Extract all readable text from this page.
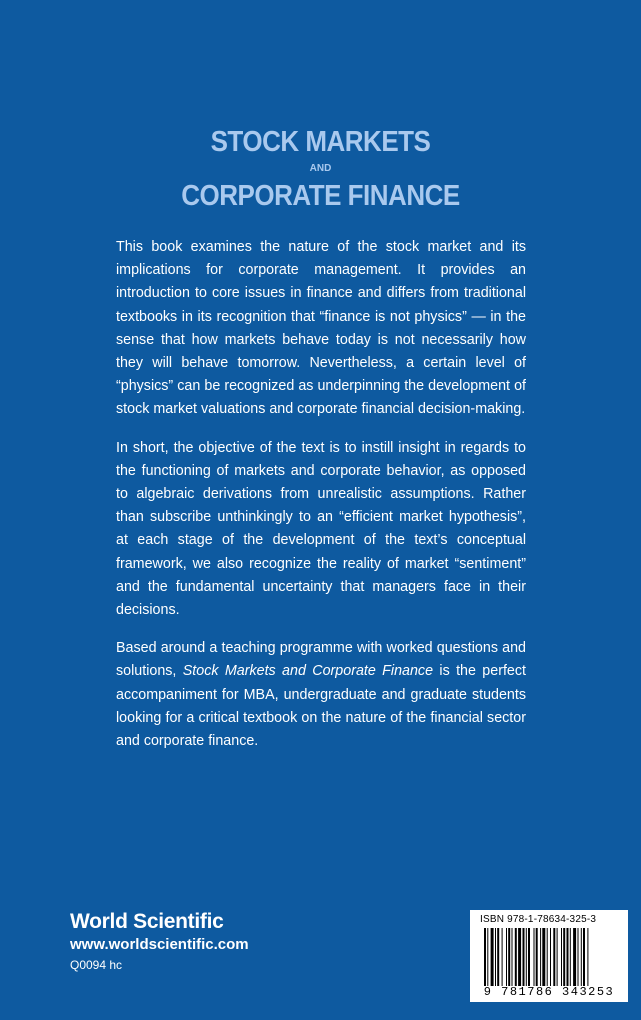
STOCK MARKETS
AND
CORPORATE FINANCE

This book examines the nature of the stock market and its implications for corporate management. It provides an introduction to core issues in finance and differs from traditional textbooks in its recognition that “finance is not physics” — in the sense that how markets behave today is not necessarily how they will behave tomorrow. Nevertheless, a certain level of “physics” can be recognized as underpinning the development of stock market valuations and corporate financial decision-making.

In short, the objective of the text is to instill insight in regards to the functioning of markets and corporate behavior, as opposed to algebraic derivations from unrealistic assumptions. Rather than subscribe unthinkingly to an “efficient market hypothesis”, at each stage of the development of the text’s conceptual framework, we also recognize the reality of market “sentiment” and the fundamental uncertainty that managers face in their decisions.

Based around a teaching programme with worked questions and solutions, Stock Markets and Corporate Finance is the perfect accompaniment for MBA, undergraduate and graduate students looking for a critical textbook on the nature of the financial sector and corporate finance.

World Scientific
www.worldscientific.com
Q0094 hc
ISBN 978-1-78634-325-3
9 781786 343253
